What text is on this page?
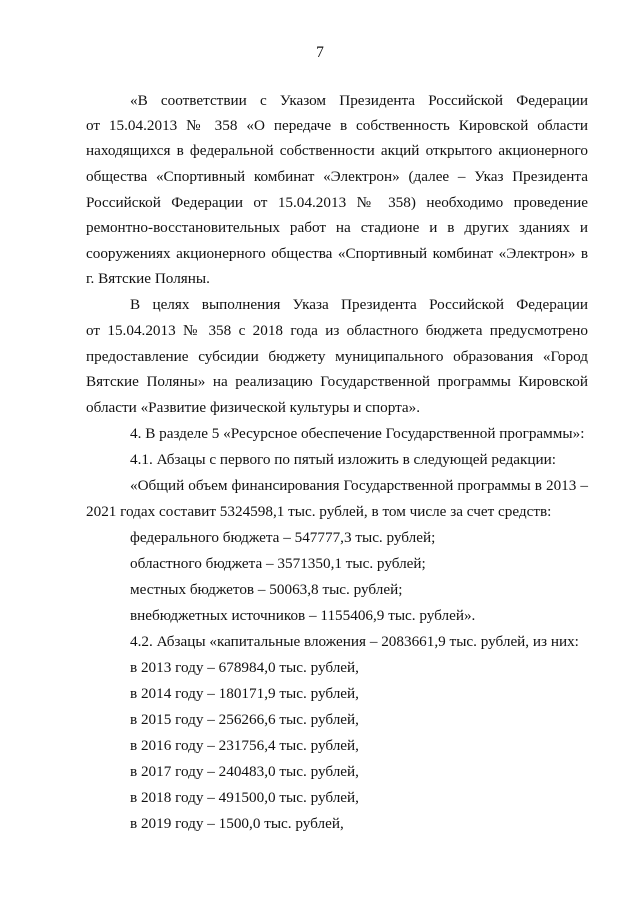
7
«В соответствии с Указом Президента Российской Федерации
от 15.04.2013 № 358 «О передаче в собственность Кировской области
находящихся в федеральной собственности акций открытого акционерного
общества «Спортивный комбинат «Электрон» (далее – Указ Президента
Российской Федерации от 15.04.2013 № 358) необходимо проведение
ремонтно-восстановительных работ на стадионе и в других зданиях и
сооружениях акционерного общества «Спортивный комбинат «Электрон» в
г. Вятские Поляны.
В целях выполнения Указа Президента Российской Федерации
от 15.04.2013 № 358 с 2018 года из областного бюджета предусмотрено
предоставление субсидии бюджету муниципального образования «Город
Вятские Поляны» на реализацию Государственной программы Кировской
области «Развитие физической культуры и спорта».
4. В разделе 5 «Ресурсное обеспечение Государственной программы»:
4.1. Абзацы с первого по пятый изложить в следующей редакции:
«Общий объем финансирования Государственной программы в 2013 –
2021 годах составит 5324598,1 тыс. рублей, в том числе за счет средств:
федерального бюджета – 547777,3 тыс. рублей;
областного бюджета – 3571350,1 тыс. рублей;
местных бюджетов – 50063,8 тыс. рублей;
внебюджетных источников – 1155406,9 тыс. рублей».
4.2. Абзацы «капитальные вложения – 2083661,9 тыс. рублей, из них:
в 2013 году – 678984,0 тыс. рублей,
в 2014 году – 180171,9 тыс. рублей,
в 2015 году – 256266,6 тыс. рублей,
в 2016 году – 231756,4 тыс. рублей,
в 2017 году – 240483,0 тыс. рублей,
в 2018 году – 491500,0 тыс. рублей,
в 2019 году – 1500,0 тыс. рублей,
